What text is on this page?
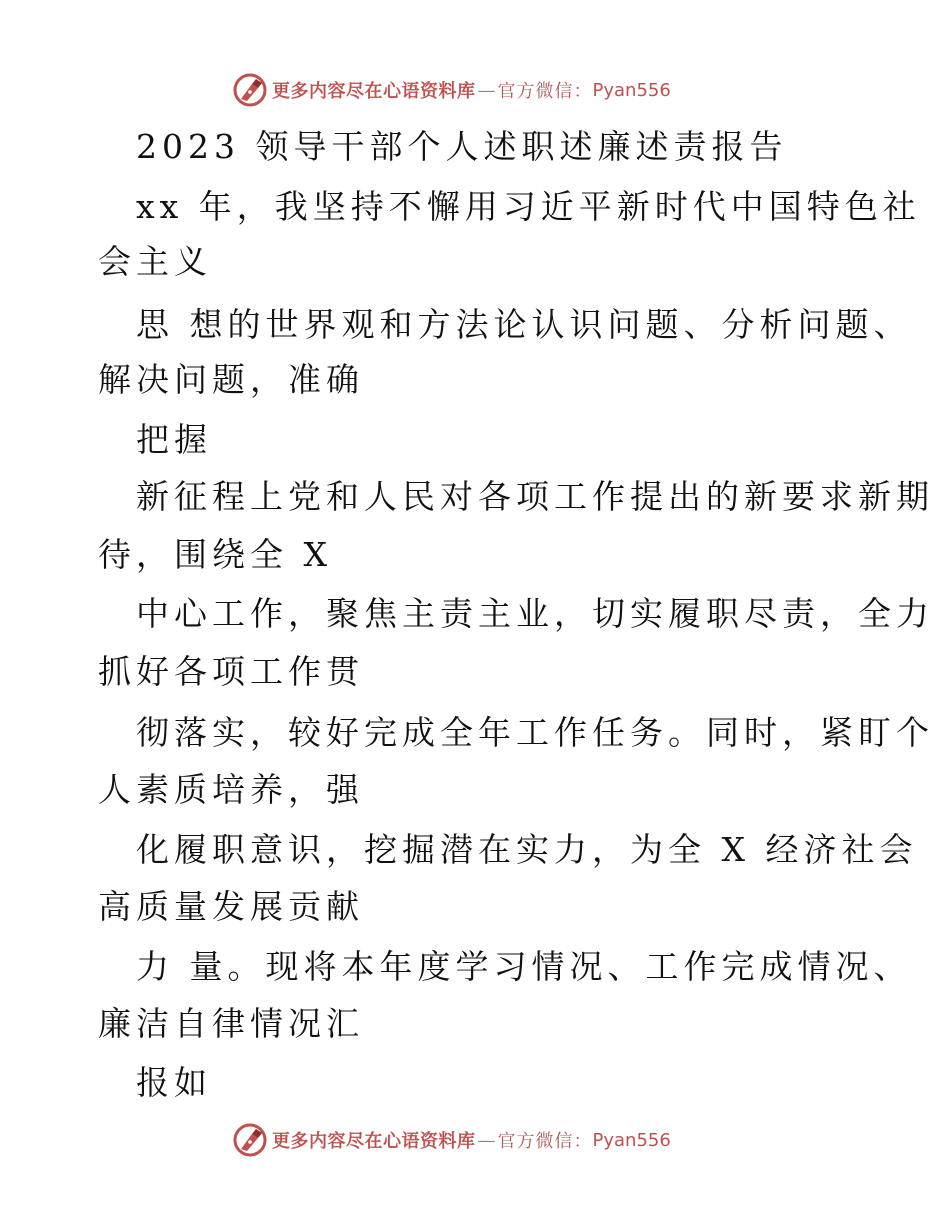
更多内容尽在心语资料库 — 官方微信： Pyan556
2023 领导干部个人述职述廉述责报告
xx 年，我坚持不懈用习近平新时代中国特色社
会主义
思 想的世界观和方法论认识问题、分析问题、
解决问题，准确
把握
新征程上党和人民对各项工作提出的新要求新期
待，围绕全 X
中心工作，聚焦主责主业，切实履职尽责，全力
抓好各项工作贯
彻落实，较好完成全年工作任务。同时，紧盯个
人素质培养，强
化履职意识，挖掘潜在实力，为全 X 经济社会
高质量发展贡献
力 量。现将本年度学习情况、工作完成情况、
廉洁自律情况汇
报如
更多内容尽在心语资料库 — 官方微信： Pyan556
